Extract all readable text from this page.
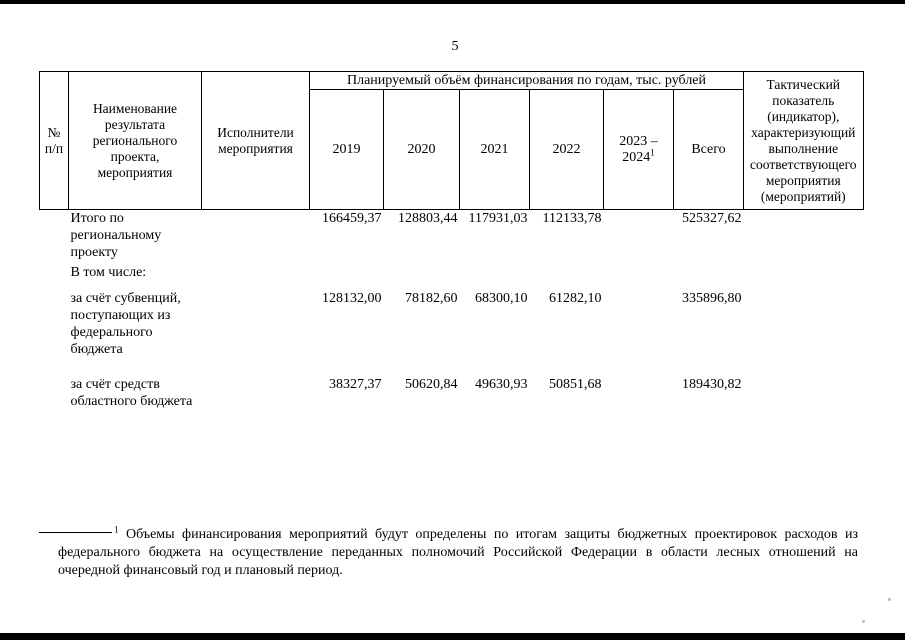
5
№ п/п	Наименование результата регионального проекта, мероприятия	Исполнители мероприятия	Планируемый объём финансирования по годам, тыс. рублей						Тактический показатель (индикатор), характеризующий выполнение соответствующего мероприятия (мероприятий)
			2019	2020	2021	2022	2023 – 2024$^1$	Всего	
	Итого по региональному проекту		166459,37	128803,44	117931,03	112133,78		525327,62	
	В том числе:								
	за счёт субвенций, поступающих из федерального бюджета		128132,00	78182,60	68300,10	61282,10		335896,80	
	за счёт средств областного бюджета		38327,37	50620,84	49630,93	50851,68		189430,82	
$^1$ Объемы финансирования мероприятий будут определены по итогам защиты бюджетных проектировок расходов из федерального бюджета на осуществление переданных полномочий Российской Федерации в области лесных отношений на очередной финансовый год и плановый период.
